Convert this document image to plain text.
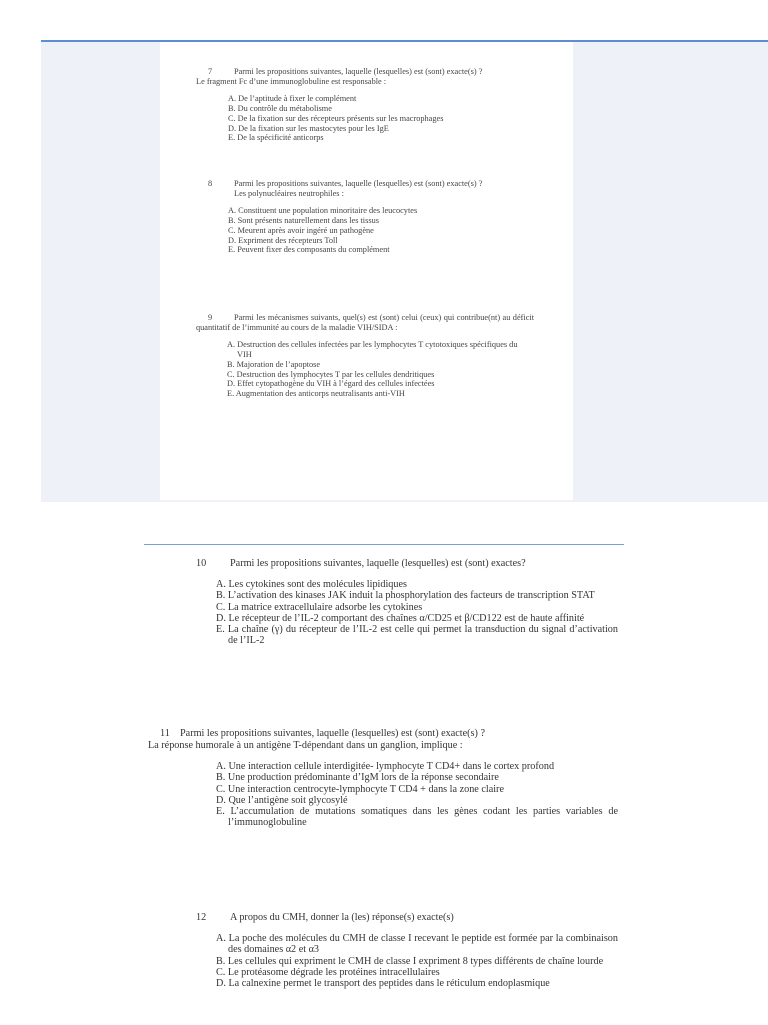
7	Parmi les propositions suivantes, laquelle (lesquelles) est (sont) exacte(s) ?
Le fragment Fc d’une immunoglobuline est responsable :
A. De l’aptitude à fixer le complément
B. Du contrôle du métabolisme
C. De la fixation sur des récepteurs présents sur les macrophages
D. De la fixation sur les mastocytes pour les IgE
E. De la spécificité anticorps
8	Parmi les propositions suivantes, laquelle (lesquelles) est (sont) exacte(s) ?
Les polynucléaires neutrophiles :
A. Constituent une population minoritaire des leucocytes
B. Sont présents naturellement dans les tissus
C. Meurent après avoir ingéré un pathogène
D. Expriment des récepteurs Toll
E. Peuvent fixer des composants du complément
9	Parmi les mécanismes suivants, quel(s) est (sont) celui (ceux) qui contribue(nt) au déficit quantitatif de l’immunité au cours de la maladie VIH/SIDA :
A. Destruction des cellules infectées par les lymphocytes T cytotoxiques spécifiques du VIH
B. Majoration de l’apoptose
C. Destruction des lymphocytes T par les cellules dendritiques
D. Effet cytopathogène du VIH à l’égard des cellules infectées
E. Augmentation des anticorps neutralisants anti-VIH
10 Parmi les propositions suivantes, laquelle (lesquelles) est (sont) exactes?
A. Les cytokines sont des molécules lipidiques
B. L’activation des kinases JAK induit la phosphorylation des facteurs de transcription STAT
C. La matrice extracellulaire adsorbe les cytokines
D. Le récepteur de l’IL-2 comportant des chaînes α/CD25 et β/CD122 est de haute affinité
E. La chaîne (γ) du récepteur de l’IL-2 est celle qui permet la transduction du signal d’activation de l’IL-2
11 Parmi les propositions suivantes, laquelle (lesquelles) est (sont) exacte(s) ?
La réponse humorale à un antigène T-dépendant dans un ganglion, implique :
A. Une interaction cellule interdigitée- lymphocyte T CD4+ dans le cortex profond
B. Une production prédominante d’IgM lors de la réponse secondaire
C. Une interaction centrocyte-lymphocyte T CD4 + dans la zone claire
D. Que l’antigène soit glycosylé
E. L’accumulation de mutations somatiques dans les gènes codant les parties variables de l’immunoglobuline
12 A propos du CMH, donner la (les) réponse(s) exacte(s)
A. La poche des molécules du CMH de classe I recevant le peptide est formée par la combinaison des domaines α2 et α3
B. Les cellules qui expriment le CMH de classe I expriment 8 types différents de chaîne lourde
C. Le protéasome dégrade les protéines intracellulaires
D. La calnexine permet le transport des peptides dans le réticulum endoplasmique
